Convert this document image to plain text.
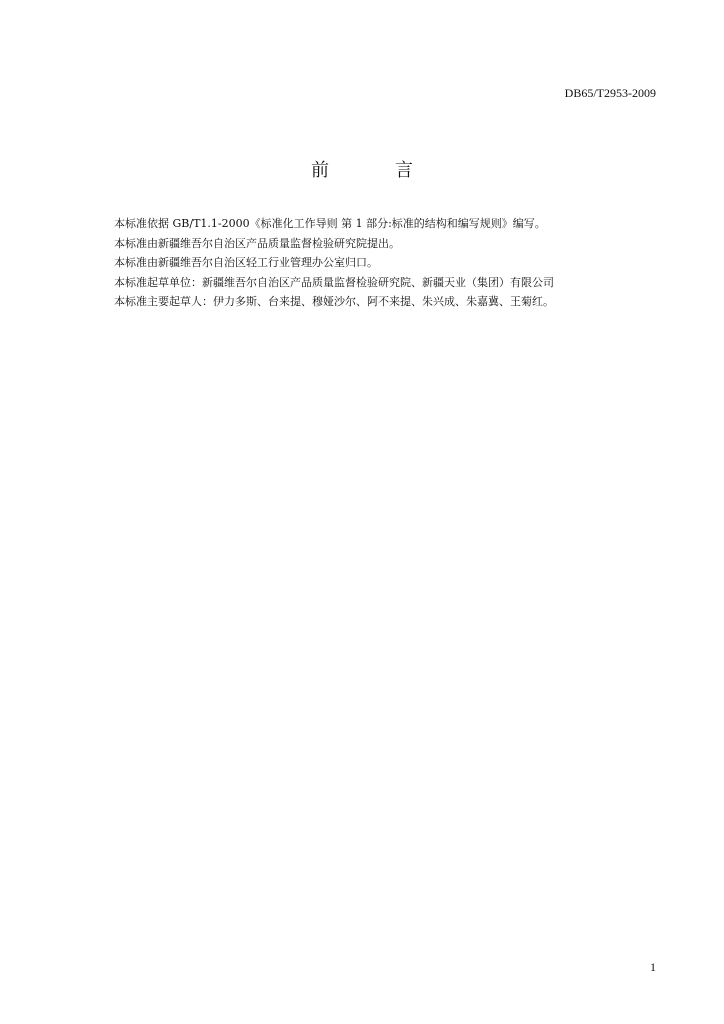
DB65/T2953-2009
前　言

本标准依据 GB/T1.1-2000《标准化工作导则 第 1 部分:标准的结构和编写规则》编写。

本标准由新疆维吾尔自治区产品质量监督检验研究院提出。

本标准由新疆维吾尔自治区轻工行业管理办公室归口。

本标准起草单位：新疆维吾尔自治区产品质量监督检验研究院、新疆天业（集团）有限公司

本标准主要起草人：伊力多斯、台来提、穆娅沙尔、阿不来提、朱兴成、朱嘉冀、王菊红。

1
